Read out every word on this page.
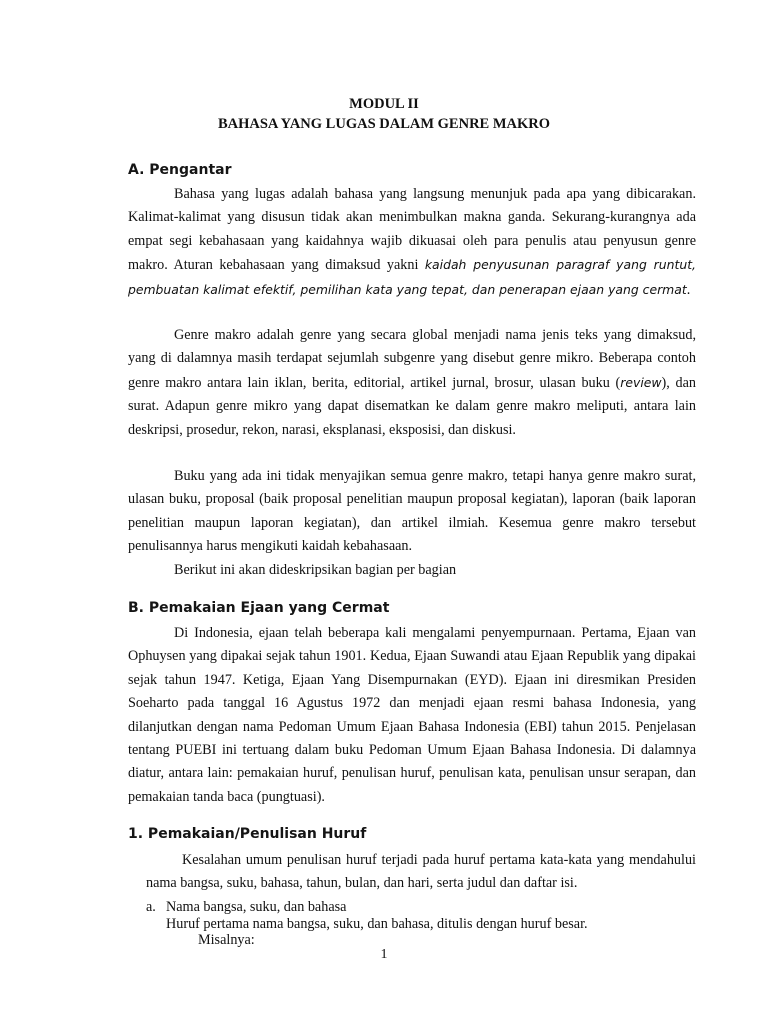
MODUL II
BAHASA YANG LUGAS DALAM GENRE MAKRO
A. Pengantar
Bahasa yang lugas adalah bahasa yang langsung menunjuk pada apa yang dibicarakan. Kalimat-kalimat yang disusun tidak akan menimbulkan makna ganda. Sekurang-kurangnya ada empat segi kebahasaan yang kaidahnya wajib dikuasai oleh para penulis atau penyusun genre makro. Aturan kebahasaan yang dimaksud yakni kaidah penyusunan paragraf yang runtut, pembuatan kalimat efektif, pemilihan kata yang tepat, dan penerapan ejaan yang cermat.
Genre makro adalah genre yang secara global menjadi nama jenis teks yang dimaksud, yang di dalamnya masih terdapat sejumlah subgenre yang disebut genre mikro. Beberapa contoh genre makro antara lain iklan, berita, editorial, artikel jurnal, brosur, ulasan buku (review), dan surat. Adapun genre mikro yang dapat disematkan ke dalam genre makro meliputi, antara lain deskripsi, prosedur, rekon, narasi, eksplanasi, eksposisi, dan diskusi.
Buku yang ada ini tidak menyajikan semua genre makro, tetapi hanya genre makro surat, ulasan buku, proposal (baik proposal penelitian maupun proposal kegiatan), laporan (baik laporan penelitian maupun laporan kegiatan), dan artikel ilmiah. Kesemua genre makro tersebut penulisannya harus mengikuti kaidah kebahasaan.
Berikut ini akan dideskripsikan bagian per bagian
B. Pemakaian Ejaan yang Cermat
Di Indonesia, ejaan telah beberapa kali mengalami penyempurnaan. Pertama, Ejaan van Ophuysen yang dipakai sejak tahun 1901. Kedua, Ejaan Suwandi atau Ejaan Republik yang dipakai sejak tahun 1947. Ketiga, Ejaan Yang Disempurnakan (EYD). Ejaan ini diresmikan Presiden Soeharto pada tanggal 16 Agustus 1972 dan menjadi ejaan resmi bahasa Indonesia, yang dilanjutkan dengan nama Pedoman Umum Ejaan Bahasa Indonesia (EBI) tahun 2015. Penjelasan tentang PUEBI ini tertuang dalam buku Pedoman Umum Ejaan Bahasa Indonesia. Di dalamnya diatur, antara lain: pemakaian huruf, penulisan huruf, penulisan kata, penulisan unsur serapan, dan pemakaian tanda baca (pungtuasi).
1. Pemakaian/Penulisan Huruf
Kesalahan umum penulisan huruf terjadi pada huruf pertama kata-kata yang mendahului nama bangsa, suku, bahasa, tahun, bulan, dan hari, serta judul dan daftar isi.
a. Nama bangsa, suku, dan bahasa
Huruf pertama nama bangsa, suku, dan bahasa, ditulis dengan huruf besar.
Misalnya:
1
